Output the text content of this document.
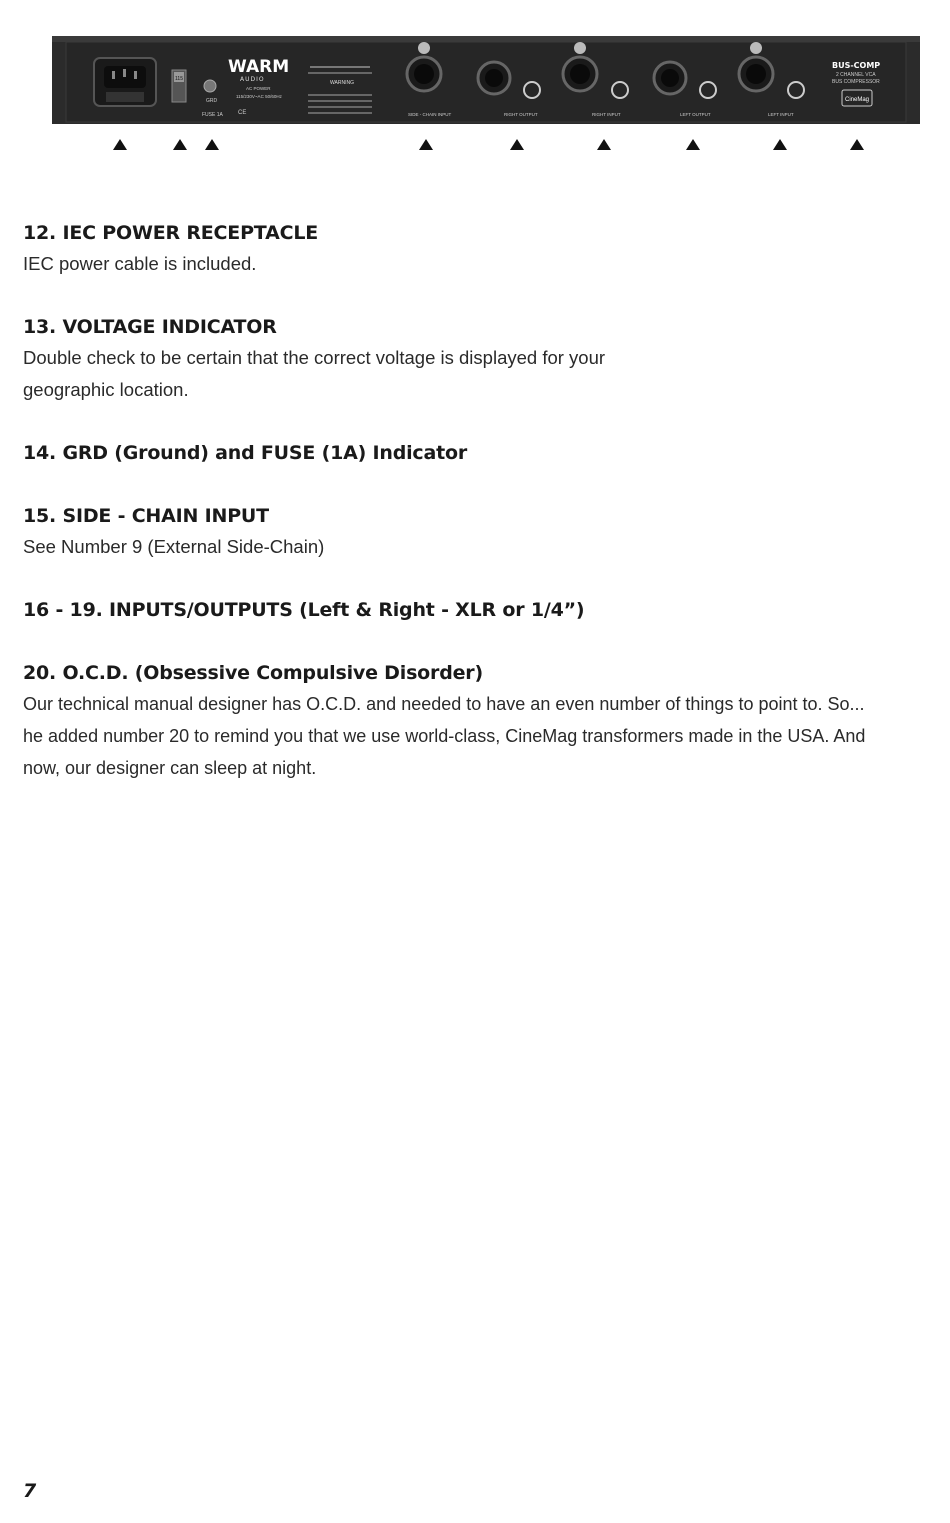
115
GRD
FUSE 1A
WARM
AUDIO
AC POWER
115/230V~AC 50/60Hz
CE
WARNING
SIDE - CHAIN INPUT	RIGHT OUTPUT	RIGHT INPUT	LEFT OUTPUT	LEFT INPUT
BUS-COMP
2 CHANNEL VCA
BUS COMPRESSOR
CineMag
12. IEC POWER RECEPTACLE

IEC power cable is included.

13. VOLTAGE INDICATOR

Double check to be certain that the correct voltage is displayed for your
geographic location.

14. GRD (Ground) and FUSE (1A) Indicator
15. SIDE - CHAIN INPUT

See Number 9 (External Side-Chain)

16 - 19. INPUTS/OUTPUTS (Left & Right - XLR or 1/4”)
20. O.C.D. (Obsessive Compulsive Disorder)

Our technical manual designer has O.C.D. and needed to have an even number of things to point to. So...
he added number 20 to remind you that we use world-class, CineMag transformers made in the USA. And
now, our designer can sleep at night.

7
